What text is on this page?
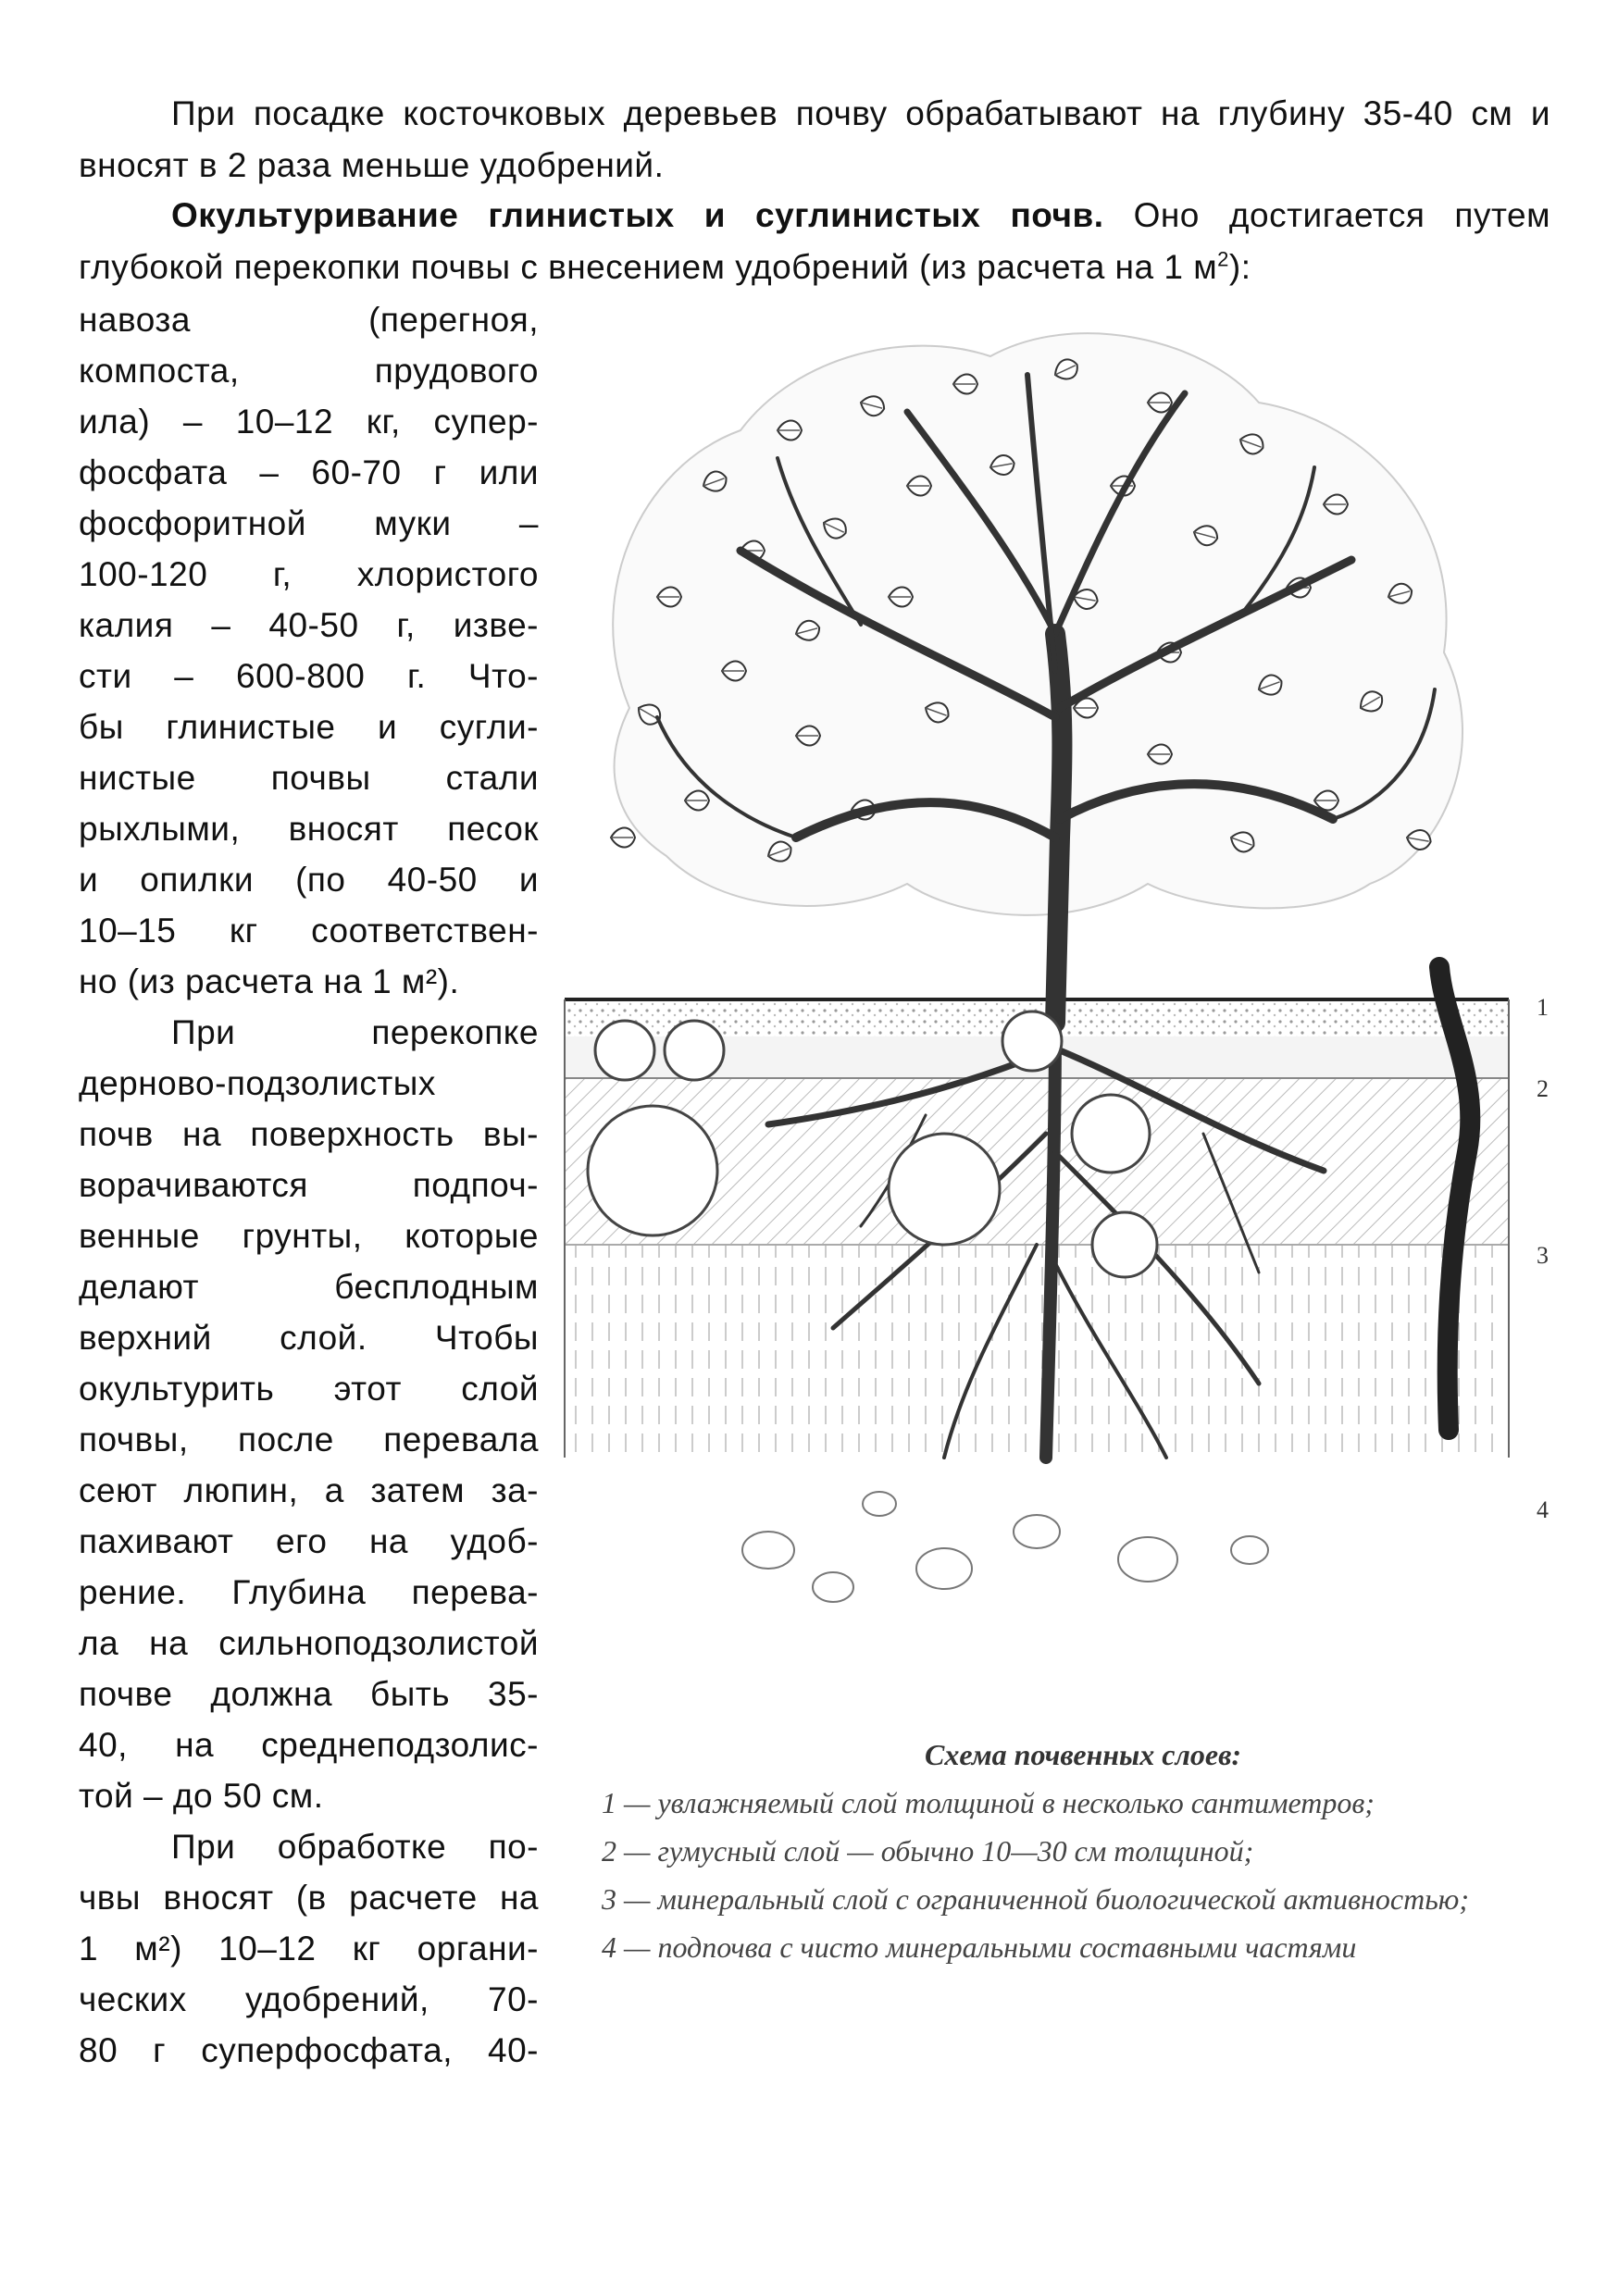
При посадке косточковых деревьев почву обрабатывают на глубину 35-40 см и вносят в 2 раза меньше удобрений.

Окультуривание глинистых и суглинистых почв. Оно достигается путем глубокой перекопки почвы с внесением удобрений (из расчета на 1 $м^2$):

навоза (перегноя,
компоста, прудового
ила) – 10–12 кг, супер-
фосфата – 60-70 г или
фосфоритной муки –
100-120 г, хлористого
калия – 40-50 г, изве-
сти – 600-800 г. Что-
бы глинистые и сугли-
нистые почвы стали
рыхлыми, вносят песок
и опилки (по 40-50 и
10–15 кг соответствен-
но (из расчета на 1 м²).
При перекопке
дерново-подзолистых
почв на поверхность вы-
ворачиваются подпоч-
венные грунты, которые
делают бесплодным
верхний слой. Чтобы
окультурить этот слой
почвы, после перевала
сеют люпин, а затем за-
пахивают его на удоб-
рение. Глубина перева-
ла на сильноподзолистой
почве должна быть 35-
40, на среднеподзолис-
той – до 50 см.
При обработке по-
чвы вносят (в расчете на
1 м²) 10–12 кг органи-
ческих удобрений, 70-
80 г суперфосфата, 40-
1
2
3
4
Схема почвенных слоев:
1 — увлажняемый слой толщиной в несколько сантиметров;
2 — гумусный слой — обычно 10—30 см толщиной;
3 — минеральный слой с ограниченной биологической активностью;
4 — подпочва с чисто минеральными составными частями
